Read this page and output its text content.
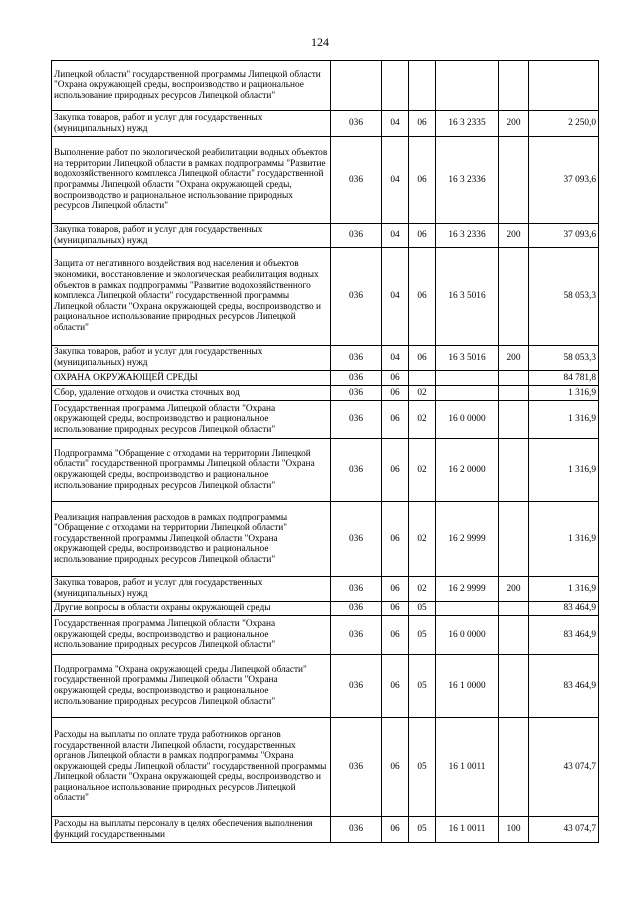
124
Липецкой области" государственной программы Липецкой области "Охрана окружающей среды, воспроизводство и рациональное использование природных ресурсов Липецкой области"						
Закупка товаров, работ и услуг для государственных (муниципальных) нужд	036	04	06	16 3 2335	200	2 250,0
Выполнение работ по экологической реабилитации водных объектов на территории Липецкой области в рамках подпрограммы "Развитие водохозяйственного комплекса Липецкой области" государственной программы Липецкой области "Охрана окружающей среды, воспроизводство и рациональное использование природных ресурсов Липецкой области"	036	04	06	16 3 2336		37 093,6
Закупка товаров, работ и услуг для государственных (муниципальных) нужд	036	04	06	16 3 2336	200	37 093,6
Защита от негативного воздействия вод населения и объектов экономики, восстановление и экологическая реабилитация водных объектов в рамках подпрограммы "Развитие водохозяйственного комплекса Липецкой области" государственной программы Липецкой области "Охрана окружающей среды, воспроизводство и рациональное использование природных ресурсов Липецкой области"	036	04	06	16 3 5016		58 053,3
Закупка товаров, работ и услуг для государственных (муниципальных) нужд	036	04	06	16 3 5016	200	58 053,3
ОХРАНА ОКРУЖАЮЩЕЙ СРЕДЫ	036	06				84 781,8
Сбор, удаление отходов и очистка сточных вод	036	06	02			1 316,9
Государственная программа Липецкой области "Охрана окружающей среды, воспроизводство и рациональное использование природных ресурсов Липецкой области"	036	06	02	16 0 0000		1 316,9
Подпрограмма "Обращение с отходами на территории Липецкой области" государственной программы Липецкой области "Охрана окружающей среды, воспроизводство и рациональное использование природных ресурсов Липецкой области"	036	06	02	16 2 0000		1 316,9
Реализация направления расходов в рамках подпрограммы "Обращение с отходами на территории Липецкой области" государственной программы Липецкой области "Охрана окружающей среды, воспроизводство и рациональное использование природных ресурсов Липецкой области"	036	06	02	16 2 9999		1 316,9
Закупка товаров, работ и услуг для государственных (муниципальных) нужд	036	06	02	16 2 9999	200	1 316,9
Другие вопросы в области охраны окружающей среды	036	06	05			83 464,9
Государственная программа Липецкой области "Охрана окружающей среды, воспроизводство и рациональное использование природных ресурсов Липецкой области"	036	06	05	16 0 0000		83 464,9
Подпрограмма "Охрана окружающей среды Липецкой области" государственной программы Липецкой области "Охрана окружающей среды, воспроизводство и рациональное использование природных ресурсов Липецкой области"	036	06	05	16 1 0000		83 464,9
Расходы на выплаты по оплате труда работников органов государственной власти Липецкой области, государственных органов Липецкой области в рамках подпрограммы "Охрана окружающей среды Липецкой области" государственной программы Липецкой области "Охрана окружающей среды, воспроизводство и рациональное использование природных ресурсов Липецкой области"	036	06	05	16 1 0011		43 074,7
Расходы на выплаты персоналу в целях обеспечения выполнения функций государственными	036	06	05	16 1 0011	100	43 074,7
